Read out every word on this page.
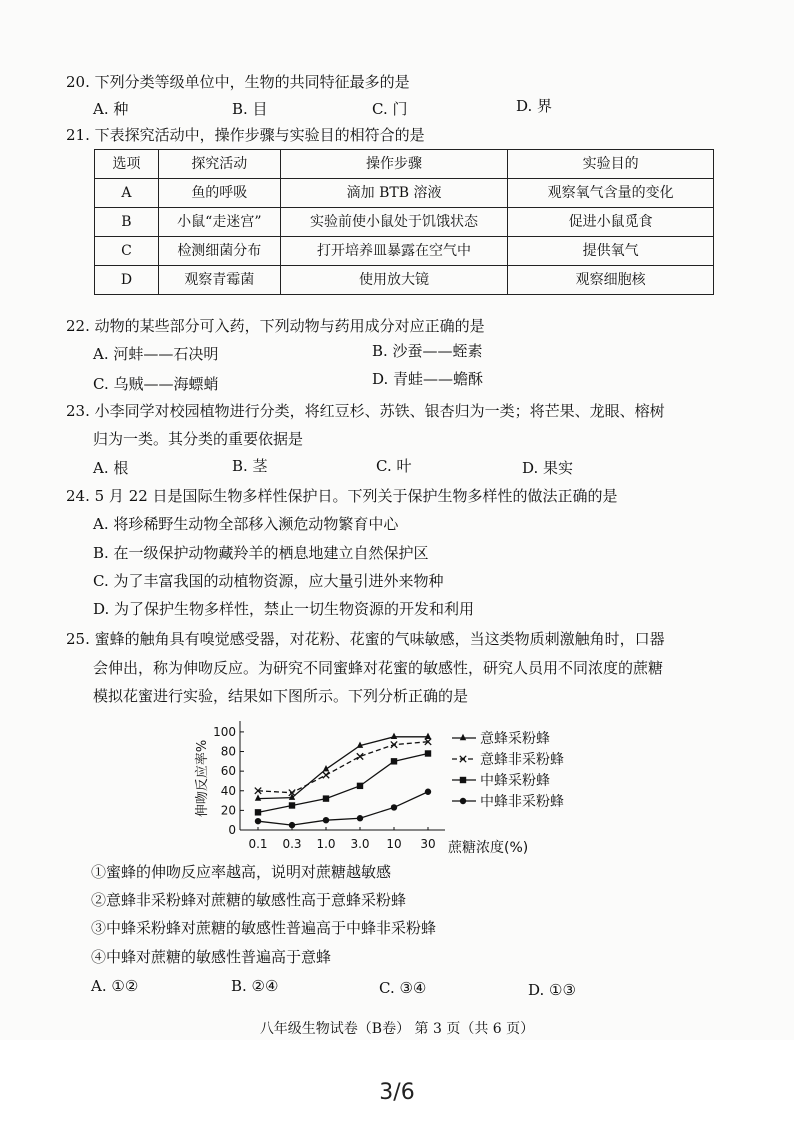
20. 下列分类等级单位中，生物的共同特征最多的是
A. 种	B. 目	C. 门	D. 界
21. 下表探究活动中，操作步骤与实验目的相符合的是
选项	探究活动	操作步骤	实验目的
A	鱼的呼吸	滴加 BTB 溶液	观察氧气含量的变化
B	小鼠“走迷宫”	实验前使小鼠处于饥饿状态	促进小鼠觅食
C	检测细菌分布	打开培养皿暴露在空气中	提供氧气
D	观察青霉菌	使用放大镜	观察细胞核
22. 动物的某些部分可入药，下列动物与药用成分对应正确的是
A. 河蚌——石决明	B. 沙蚕——蛭素
C. 乌贼——海螵蛸	D. 青蛙——蟾酥
23. 小李同学对校园植物进行分类，将红豆杉、苏铁、银杏归为一类；将芒果、龙眼、榕树
归为一类。其分类的重要依据是
A. 根	B. 茎	C. 叶	D. 果实
24. 5 月 22 日是国际生物多样性保护日。下列关于保护生物多样性的做法正确的是
A. 将珍稀野生动物全部移入濒危动物繁育中心
B. 在一级保护动物藏羚羊的栖息地建立自然保护区
C. 为了丰富我国的动植物资源，应大量引进外来物种
D. 为了保护生物多样性，禁止一切生物资源的开发和利用
25. 蜜蜂的触角具有嗅觉感受器，对花粉、花蜜的气味敏感，当这类物质刺激触角时，口器
会伸出，称为伸吻反应。为研究不同蜜蜂对花蜜的敏感性，研究人员用不同浓度的蔗糖
模拟花蜜进行实验，结果如下图所示。下列分析正确的是
0
20
40
60
80
100
0.1 0.3 1.0 3.0 10 30
伸吻反应率%
蔗糖浓度(%)
意蜂采粉蜂
意蜂非采粉蜂
中蜂采粉蜂
中蜂非采粉蜂
①蜜蜂的伸吻反应率越高，说明对蔗糖越敏感
②意蜂非采粉蜂对蔗糖的敏感性高于意蜂采粉蜂
③中蜂采粉蜂对蔗糖的敏感性普遍高于中蜂非采粉蜂
④中蜂对蔗糖的敏感性普遍高于意蜂
A. ①②	B. ②④	C. ③④	D. ①③
八年级生物试卷（B卷） 第 3 页（共 6 页）
3/6
